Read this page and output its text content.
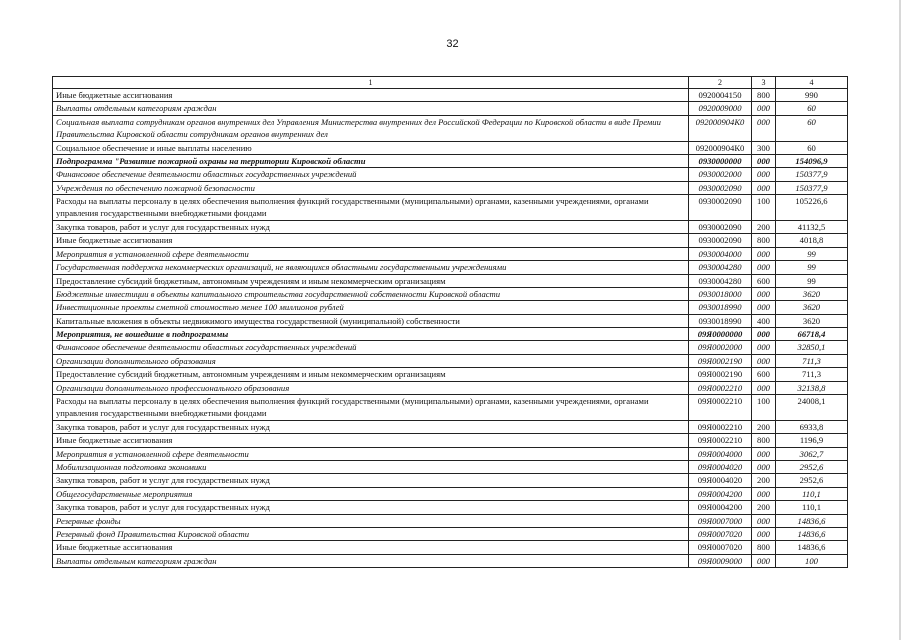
32
1	2	3	4
Иные бюджетные ассигнования	0920004150	800	990
Выплаты отдельным категориям граждан	0920009000	000	60
Социальная выплата сотрудникам органов внутренних дел Управления Министерства внутренних дел Российской Федерации по Кировской области в виде Премии Правительства Кировской области сотрудникам органов внутренних дел	092000904К0	000	60
Социальное обеспечение и иные выплаты населению	092000904К0	300	60
Подпрограмма "Развитие пожарной охраны на территории Кировской области	0930000000	000	154096,9
Финансовое обеспечение деятельности областных государственных учреждений	0930002000	000	150377,9
Учреждения по обеспечению пожарной безопасности	0930002090	000	150377,9
Расходы на выплаты персоналу в целях обеспечения выполнения функций государственными (муниципальными) органами, казенными учреждениями, органами управления государственными внебюджетными фондами	0930002090	100	105226,6
Закупка товаров, работ и услуг для государственных нужд	0930002090	200	41132,5
Иные бюджетные ассигнования	0930002090	800	4018,8
Мероприятия в установленной сфере деятельности	0930004000	000	99
Государственная поддержка некоммерческих организаций, не являющихся областными государственными учреждениями	0930004280	000	99
Предоставление субсидий бюджетным, автономным учреждениям и иным некоммерческим организациям	0930004280	600	99
Бюджетные инвестиции в объекты капитального строительства государственной собственности Кировской области	0930018000	000	3620
Инвестиционные проекты сметной стоимостью менее 100 миллионов рублей	0930018990	000	3620
Капитальные вложения в объекты недвижимого имущества государственной (муниципальной) собственности	0930018990	400	3620
Мероприятия, не вошедшие в подпрограммы	09Я0000000	000	66718,4
Финансовое обеспечение деятельности областных государственных учреждений	09Я0002000	000	32850,1
Организации дополнительного образования	09Я0002190	000	711,3
Предоставление субсидий бюджетным, автономным учреждениям и иным некоммерческим организациям	09Я0002190	600	711,3
Организации дополнительного профессионального образования	09Я0002210	000	32138,8
Расходы на выплаты персоналу в целях обеспечения выполнения функций государственными (муниципальными) органами, казенными учреждениями, органами управления государственными внебюджетными фондами	09Я0002210	100	24008,1
Закупка товаров, работ и услуг для государственных нужд	09Я0002210	200	6933,8
Иные бюджетные ассигнования	09Я0002210	800	1196,9
Мероприятия в установленной сфере деятельности	09Я0004000	000	3062,7
Мобилизационная подготовка экономики	09Я0004020	000	2952,6
Закупка товаров, работ и услуг для государственных нужд	09Я0004020	200	2952,6
Общегосударственные мероприятия	09Я0004200	000	110,1
Закупка товаров, работ и услуг для государственных нужд	09Я0004200	200	110,1
Резервные фонды	09Я0007000	000	14836,6
Резервный фонд Правительства Кировской области	09Я0007020	000	14836,6
Иные бюджетные ассигнования	09Я0007020	800	14836,6
Выплаты отдельным категориям граждан	09Я0009000	000	100
